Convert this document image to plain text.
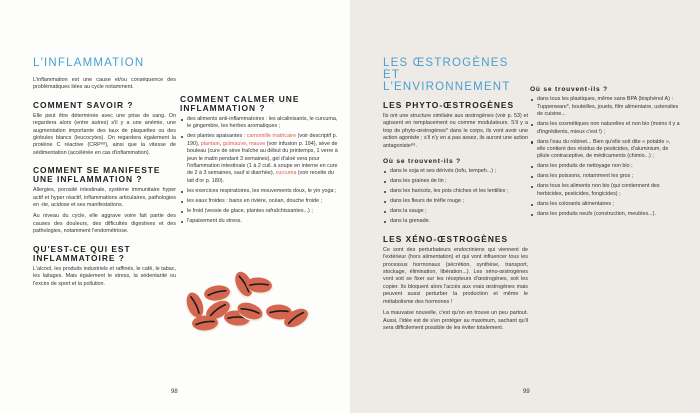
L'INFLAMMATION

L'inflammation est une cause et/ou conséquence des problématiques liées au cycle notamment.

COMMENT SAVOIR ?

Elle peut être déterminée avec une prise de sang. On regardera alors (entre autres) s'il y a une anémie, une augmentation importante des taux de plaquettes ou des globules blancs (leucocytes). On regardera également la protéine C réactive (CRP⁸⁸), ainsi que la vitesse de sédimentation (accélérée en cas d'inflammation).

COMMENT SE MANIFESTE UNE INFLAMMATION ?

Allergies, porosité intestinale, système immunitaire hyper actif et hyper réactif, inflammations articulaires, pathologies en -ite, acidose et ses manifestations.

Au niveau du cycle, elle aggrave voire fait partie des causes des douleurs, des difficultés digestives et des pathologies, notamment l'endométriose.

QU'EST-CE QUI EST INFLAMMATOIRE ?

L'alcool, les produits industriels et raffinés, le café, le tabac, les laitages. Mais également le stress, la sédentarité ou l'excès de sport et la pollution.

COMMENT CALMER UNE INFLAMMATION ?
des aliments anti-inflammatoires : les alcalinisants, le curcuma, le gingembre, les herbes aromatiques ;
des plantes apaisantes : camomille matricaire (voir descriptif p. 190), plantain, guimauve, mauve (voir infusion p. 194), sève de bouleau (cure de sève fraîche au début du printemps, 1 verre à jeun le matin pendant 3 semaines), gel d'aloé vera pour l'inflammation intestinale (1 à 2 cuil. à soupe en interne en cure de 2 à 3 semaines, sauf si diarrhée), curcuma (voir recette du lait d'or p. 180).
les exercices respiratoires, les mouvements doux, le yin yoga ;
les eaux froides : bains en rivière, océan, douche froide ;
le froid (vessie de glace, plantes rafraîchissantes...) ;
l'apaisement du stress.
98
LES ŒSTROGÈNES
ET L'ENVIRONNEMENT
LES PHYTO-ŒSTROGÈNES

Ils ont une structure similaire aux œstrogènes (voir p. 53) et agissent en remplacement ou comme modulateurs. S'il y a trop de phyto-œstrogènes* dans le corps, ils vont avoir une action agoniste ; s'il n'y en a pas assez, ils auront une action antagoniste⁸⁹.

Où se trouvent-ils ?
dans le soja et ses dérivés (tofu, tempeh...) ;
dans les graines de lin ;
dans les haricots, les pois chiches et les lentilles ;
dans les fleurs de trèfle rouge ;
dans la sauge ;
dans la grenade.
LES XÉNO-ŒSTROGÈNES

Ce sont des perturbateurs endocriniens qui viennent de l'extérieur (hors alimentation) et qui vont influencer tous les processus hormonaux (sécrétion, synthèse, transport, stockage, élimination, libération...). Les xéno-œstrogènes vont soit se fixer sur les récepteurs d'œstrogènes, soit les copier. Ils bloquent alors l'accès aux vrais œstrogènes mais peuvent aussi perturber la production et même le métabolisme des hormones !

La mauvaise nouvelle, c'est qu'on en trouve un peu partout. Aussi, l'idée est de s'en protéger au maximum, sachant qu'il sera difficilement possible de les éviter totalement.

Où se trouvent-ils ?
dans tous les plastiques, même sans BPA (bisphénol A) : Tuppenware*, bouteilles, jouets, film alimentaire, ustensiles de cuisine...
dans les cosmétiques non naturelles et non bio (moins il y a d'ingrédients, mieux c'est !) ;
dans l'eau du robinet... Bien qu'elle soit dite « potable », elle contient des résidus de pesticides, d'aluminium, de pilule contraceptive, de médicaments (chimio...) ;
dans les produits de nettoyage non bio ;
dans les poissons, notamment les gros ;
dans tous les aliments non bio (qui contiennent des herbicides, pesticides, fongicides) ;
dans les colorants alimentaires ;
dans les produits neufs (construction, meubles...).
99
